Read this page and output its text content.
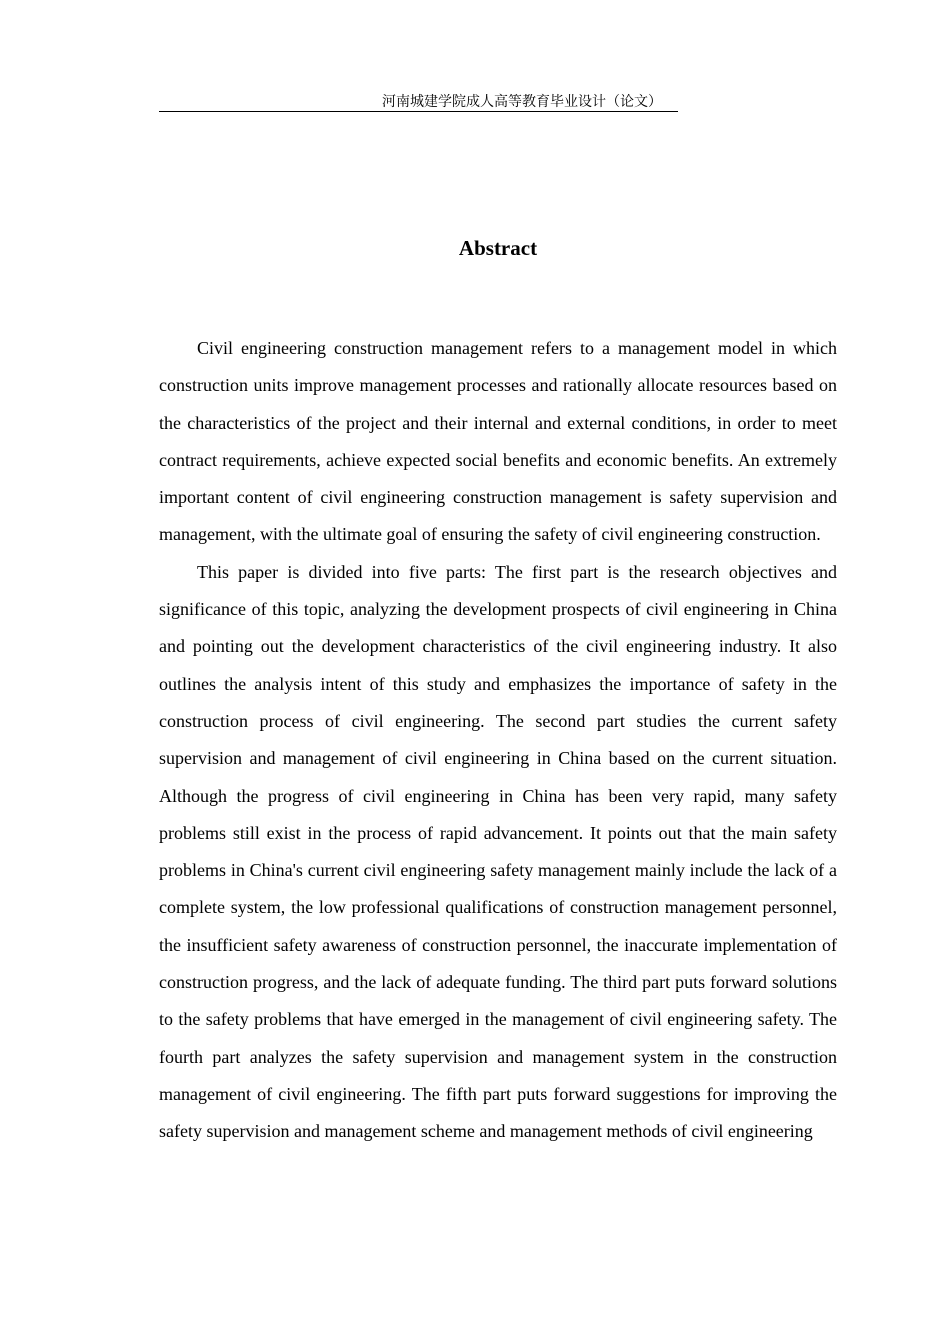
河南城建学院成人高等教育毕业设计（论文）
Abstract

Civil engineering construction management refers to a management model in which construction units improve management processes and rationally allocate resources based on the characteristics of the project and their internal and external conditions, in order to meet contract requirements, achieve expected social benefits and economic benefits. An extremely important content of civil engineering construction management is safety supervision and management, with the ultimate goal of ensuring the safety of civil engineering construction.

This paper is divided into five parts: The first part is the research objectives and significance of this topic, analyzing the development prospects of civil engineering in China and pointing out the development characteristics of the civil engineering industry. It also outlines the analysis intent of this study and emphasizes the importance of safety in the construction process of civil engineering. The second part studies the current safety supervision and management of civil engineering in China based on the current situation. Although the progress of civil engineering in China has been very rapid, many safety problems still exist in the process of rapid advancement. It points out that the main safety problems in China's current civil engineering safety management mainly include the lack of a complete system, the low professional qualifications of construction management personnel, the insufficient safety awareness of construction personnel, the inaccurate implementation of construction progress, and the lack of adequate funding. The third part puts forward solutions to the safety problems that have emerged in the management of civil engineering safety. The fourth part analyzes the safety supervision and management system in the construction management of civil engineering. The fifth part puts forward suggestions for improving the safety supervision and management scheme and management methods of civil engineering
